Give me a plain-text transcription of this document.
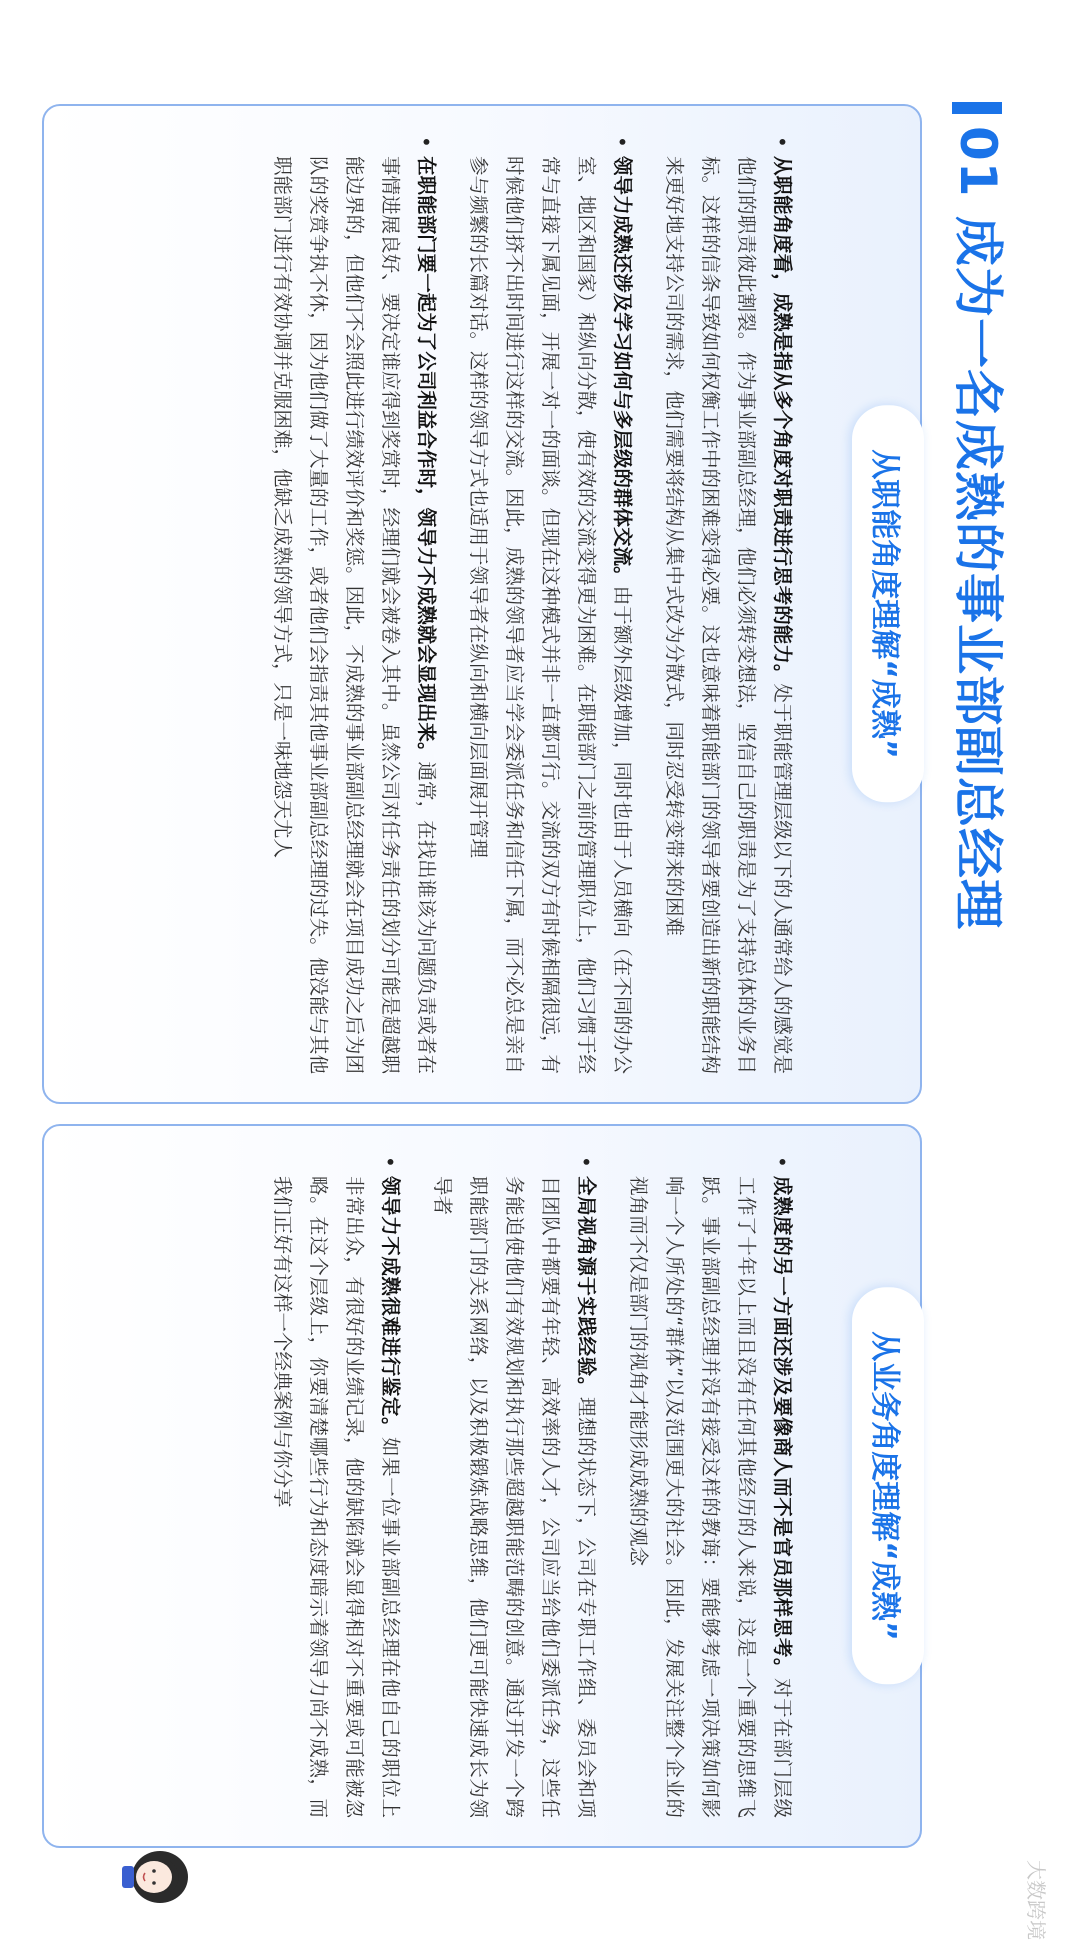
01 成为一名成熟的事业部副总经理
从职能角度理解“成熟”
•
从职能角度看，成熟是指从多个角度对职责进行思考的能力。处于职能管理层级以下的人通常给人的感觉是他们的职责彼此割裂。作为事业部副总经理，他们必须转变想法，坚信自己的职责是为了支持总体的业务目标。这样的信条导致如何权衡工作中的困难变得必要。这也意味着职能部门的领导者要创造出新的职能结构来更好地支持公司的需求，他们需要将结构从集中式改为分散式，同时忍受转变带来的困难
•
领导力成熟还涉及学习如何与多层级的群体交流。由于额外层级增加，同时也由于人员横向（在不同的办公室、地区和国家）和纵向分散，使有效的交流变得更为困难。在职能部门之前的管理职位上，他们习惯于经常与直接下属见面，开展一对一的面谈。但现在这种模式并非一直都可行。交流的双方有时候相隔很远，有时候他们挤不出时间进行这样的交流。因此，成熟的领导者应当学会委派任务和信任下属，而不必总是亲自参与频繁的长篇对话。这样的领导方式也适用于领导者在纵向和横向层面展开管理
•
在职能部门要一起为了公司利益合作时，领导力不成熟就会显现出来。通常，在找出谁该为问题负责或者在事情进展良好、要决定谁应得到奖赏时，经理们就会被卷入其中。虽然公司对任务责任的划分可能是超越职能边界的，但他们不会照此进行绩效评价和奖惩。因此，不成熟的事业部副总经理就会在项目成功之后为团队的奖赏争执不休，因为他们做了大量的工作，或者他们会指责其他事业部副总经理的过失。他没能与其他职能部门进行有效协调并克服困难，他缺乏成熟的领导方式，只是一味地怨天尤人
从业务角度理解“成熟”
•
成熟度的另一方面还涉及要像商人而不是官员那样思考。对于在部门层级工作了十年以上而且没有任何其他经历的人来说，这是一个重要的思维飞跃。事业部副总经理并没有接受这样的教诲：要能够考虑一项决策如何影响一个人所处的“群体”以及范围更大的社会。因此，发展关注整个企业的视角而不仅是部门的视角才能形成成熟的观念
•
全局视角源于实践经验。理想的状态下，公司在专职工作组、委员会和项目团队中都要有年轻、高效率的人才，公司应当给他们委派任务，这些任务能迫使他们有效规划和执行那些超越职能范畴的创意。通过开发一个跨职能部门的关系网络，以及积极锻炼战略思维，他们更可能快速成长为领导者
•
领导力不成熟很难进行鉴定。如果一位事业部副总经理在他自己的职位上非常出众，有很好的业绩记录，他的缺陷就会显得相对不重要或可能被忽略。在这个层级上，你要清楚哪些行为和态度暗示着领导力尚不成熟，而我们正好有这样一个经典案例与你分享
大数跨境
